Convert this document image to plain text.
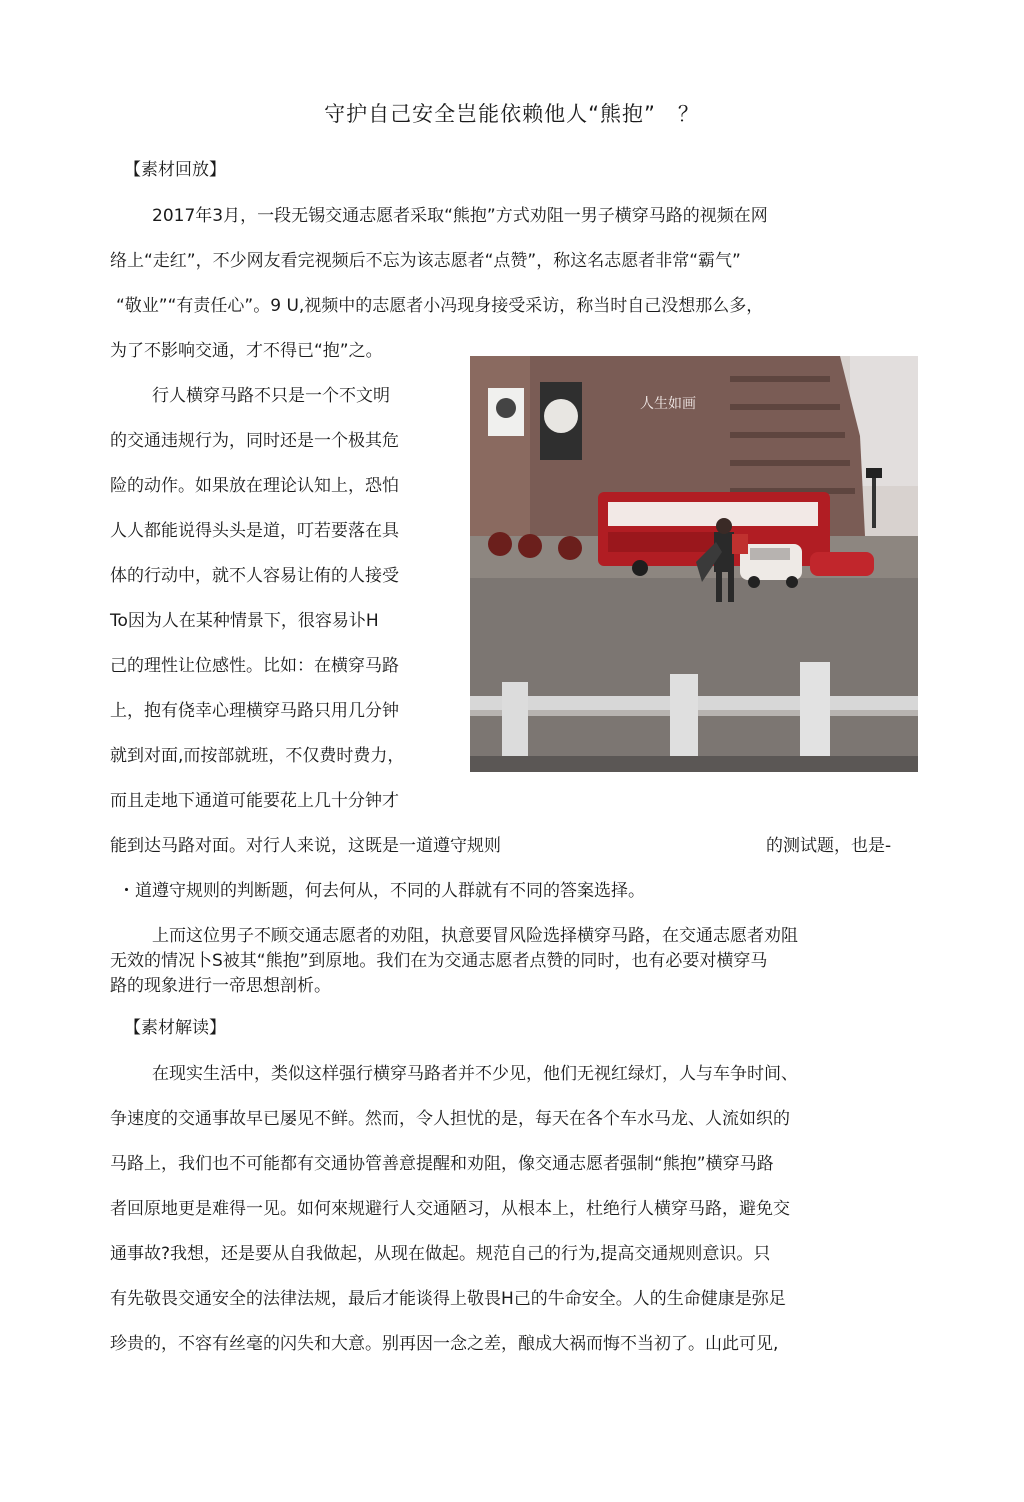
守护自己安全岂能依赖他人“熊抱”　？
【素材回放】
2017年3月，一段无锡交通志愿者采取“熊抱”方式劝阻一男子横穿马路的视频在网
络上“走红”，不少网友看完视频后不忘为该志愿者“点赞”，称这名志愿者非常“霸气”
“敬业”“有责任心”。9 U,视频中的志愿者小冯现身接受采访，称当时自己没想那么多，
为了不影响交通，才不得已“抱”之。
行人横穿马路不只是一个不文明
的交通违规行为，同时还是一个极其危
险的动作。如果放在理论认知上，恐怕
人人都能说得头头是道，叮若要落在具
体的行动中，就不人容易让侑的人接受
To因为人在某种情景下，很容易讣H
己的理性让位感性。比如：在横穿马路
上，抱有侥幸心理横穿马路只用几分钟
就到对面,而按部就班，不仅费时费力，
而且走地下通道可能要花上几十分钟才
能到达马路对面。对行人来说，这既是一道遵守规则	的测试题，也是-
・道遵守规则的判断题，何去何从，不同的人群就有不同的答案选择。
上而这位男子不顾交通志愿者的劝阻，执意要冒风险选择横穿马路，在交通志愿者劝阻
无效的情况卜S被其“熊抱”到原地。我们在为交通志愿者点赞的同时，也有必要对横穿马
路的现象进行一帝思想剖析。
【素材解读】
在现实生活中，类似这样强行横穿马路者并不少见，他们无视红绿灯，人与车争时间、
争速度的交通事故早已屡见不鲜。然而，令人担忧的是，每天在各个车水马龙、人流如织的
马路上，我们也不可能都有交通协管善意提醒和劝阻，像交通志愿者强制“熊抱”横穿马路
者回原地更是难得一见。如何來规避行人交通陋习，从根本上，杜绝行人横穿马路，避免交
通事故?我想，还是要从自我做起，从现在做起。规范自己的行为,提高交通规则意识。只
有先敬畏交通安全的法律法规，最后才能谈得上敬畏H己的牛命安全。人的生命健康是弥足
珍贵的，不容有丝毫的闪失和大意。别再因一念之差，酿成大祸而悔不当初了。山此可见,
人生如画
